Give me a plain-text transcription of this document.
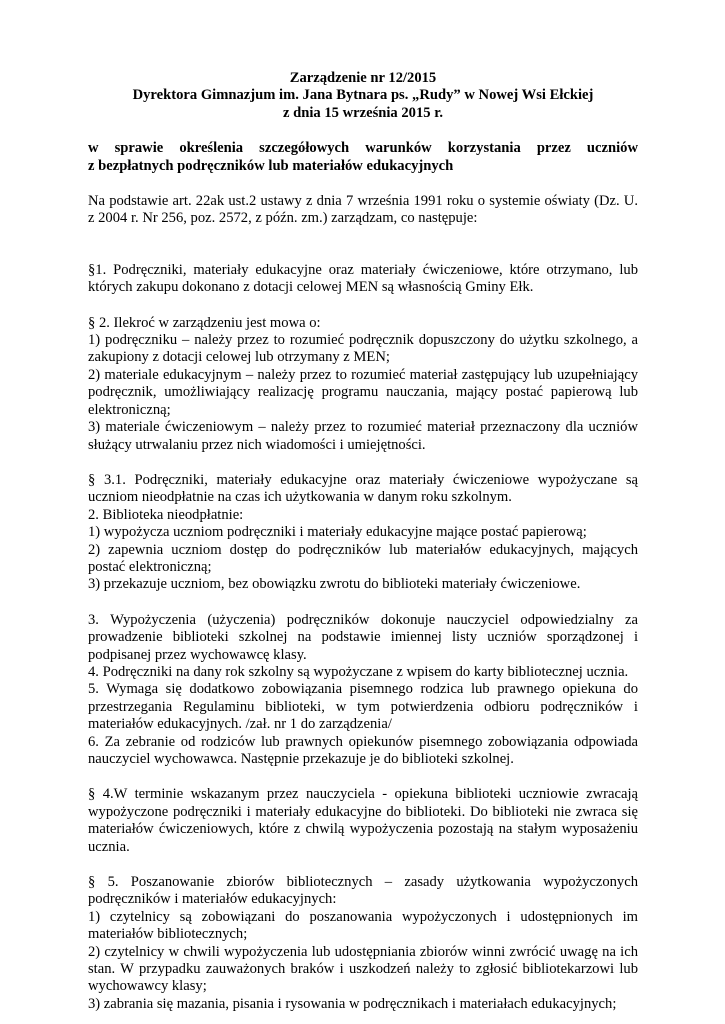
Zarządzenie nr 12/2015

Dyrektora Gimnazjum im. Jana Bytnara ps. „Rudy” w Nowej Wsi Ełckiej

z dnia 15 września 2015 r.

w sprawie określenia szczegółowych warunków korzystania przez uczniów
z bezpłatnych podręczników lub materiałów edukacyjnych

Na podstawie art. 22ak ust.2 ustawy z dnia 7 września 1991 roku o systemie oświaty (Dz. U. z 2004 r. Nr 256, poz. 2572, z późn. zm.) zarządzam, co następuje:

§1. Podręczniki, materiały edukacyjne oraz materiały ćwiczeniowe, które otrzymano, lub których zakupu dokonano z dotacji celowej MEN są własnością Gminy Ełk.

§ 2. Ilekroć w zarządzeniu jest mowa o:

1) podręczniku – należy przez to rozumieć podręcznik dopuszczony do użytku szkolnego, a zakupiony z dotacji celowej lub otrzymany z MEN;

2) materiale edukacyjnym – należy przez to rozumieć materiał zastępujący lub uzupełniający podręcznik, umożliwiający realizację programu nauczania, mający postać papierową lub elektroniczną;

3) materiale ćwiczeniowym – należy przez to rozumieć materiał przeznaczony dla uczniów służący utrwalaniu przez nich wiadomości i umiejętności.

§ 3.1. Podręczniki, materiały edukacyjne oraz materiały ćwiczeniowe wypożyczane są uczniom nieodpłatnie na czas ich użytkowania w danym roku szkolnym.

2. Biblioteka nieodpłatnie:

1) wypożycza uczniom podręczniki i materiały edukacyjne mające postać papierową;

2) zapewnia uczniom dostęp do podręczników lub materiałów edukacyjnych, mających postać elektroniczną;

3) przekazuje uczniom, bez obowiązku zwrotu do biblioteki materiały ćwiczeniowe.

3. Wypożyczenia (użyczenia) podręczników dokonuje nauczyciel odpowiedzialny za prowadzenie biblioteki szkolnej na podstawie imiennej listy uczniów sporządzonej i podpisanej przez wychowawcę klasy.

4. Podręczniki na dany rok szkolny są wypożyczane z wpisem do karty bibliotecznej ucznia.

5. Wymaga się dodatkowo zobowiązania pisemnego rodzica lub prawnego opiekuna do przestrzegania Regulaminu biblioteki, w tym potwierdzenia odbioru podręczników i materiałów edukacyjnych. /zał. nr 1 do zarządzenia/

6. Za zebranie od rodziców lub prawnych opiekunów pisemnego zobowiązania odpowiada nauczyciel wychowawca. Następnie przekazuje je do biblioteki szkolnej.

§ 4.W terminie wskazanym przez nauczyciela - opiekuna biblioteki uczniowie zwracają wypożyczone podręczniki i materiały edukacyjne do biblioteki. Do biblioteki nie zwraca się materiałów ćwiczeniowych, które z chwilą wypożyczenia pozostają na stałym wyposażeniu ucznia.

§ 5. Poszanowanie zbiorów bibliotecznych – zasady użytkowania wypożyczonych podręczników i materiałów edukacyjnych:

1) czytelnicy są zobowiązani do poszanowania wypożyczonych i udostępnionych im materiałów bibliotecznych;

2) czytelnicy w chwili wypożyczenia lub udostępniania zbiorów winni zwrócić uwagę na ich stan. W przypadku zauważonych braków i uszkodzeń należy to zgłosić bibliotekarzowi lub wychowawcy klasy;

3) zabrania się mazania, pisania i rysowania w podręcznikach i materiałach edukacyjnych;
